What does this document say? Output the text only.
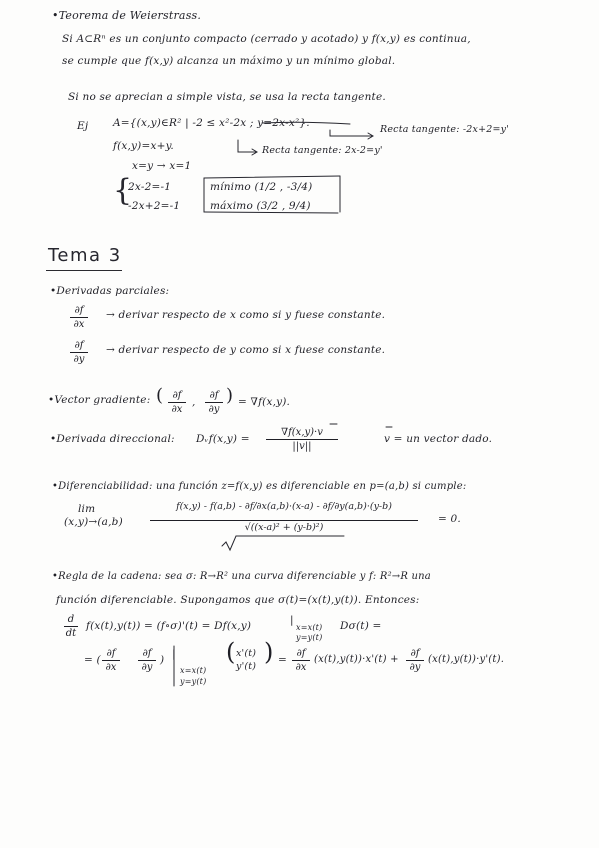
•Teorema de Weierstrass.
Si A⊂Rⁿ es un conjunto compacto (cerrado y acotado) y f(x,y) es continua,
se cumple que f(x,y) alcanza un máximo y un mínimo global.
Si no se aprecian a simple vista, se usa la recta tangente.
Ej A={(x,y)∈R² | -2 ≤ x²-2x ; y=2x-x²}.
Recta tangente: -2x+2=y'
f(x,y)=x+y.	Recta tangente: 2x-2=y'
x=y → x=1
{
2x-2=-1	mínimo (1/2 , -3/4)
-2x+2=-1	máximo (3/2 , 9/4)
Tema 3
•Derivadas parciales:
∂f
∂x
→ derivar respecto de x como si y fuese constante.
∂f
∂y
→ derivar respecto de y como si x fuese constante.
•Vector gradiente: ( ∂f
∂x
,
∂f
∂y
) = ∇f(x,y).
•Derivada direccional: Dᵥf(x,y) =
∇f(x,y)·v
||v||
v = un vector dado.
•Diferenciabilidad: una función z=f(x,y) es diferenciable en p=(a,b) si cumple:
lim
(x,y)→(a,b)
f(x,y) - f(a,b) - ∂f/∂x(a,b)·(x-a) - ∂f/∂y(a,b)·(y-b)
√((x-a)² + (y-b)²)
= 0.
•Regla de la cadena: sea σ: R→R² una curva diferenciable y f: R²→R una
función diferenciable. Supongamos que σ(t)=(x(t),y(t)). Entonces:
d
dt
f(x(t),y(t)) = (f∘σ)'(t) = Df(x,y)	|
x=x(t)
y=y(t)
Dσ(t) =
= (
∂f
∂x
∂f
∂y
) |
x=x(t)
y=y(t)
( x'(t)
y'(t)
) =
∂f
∂x
(x(t),y(t))·x'(t) +
∂f
∂y
(x(t),y(t))·y'(t).
